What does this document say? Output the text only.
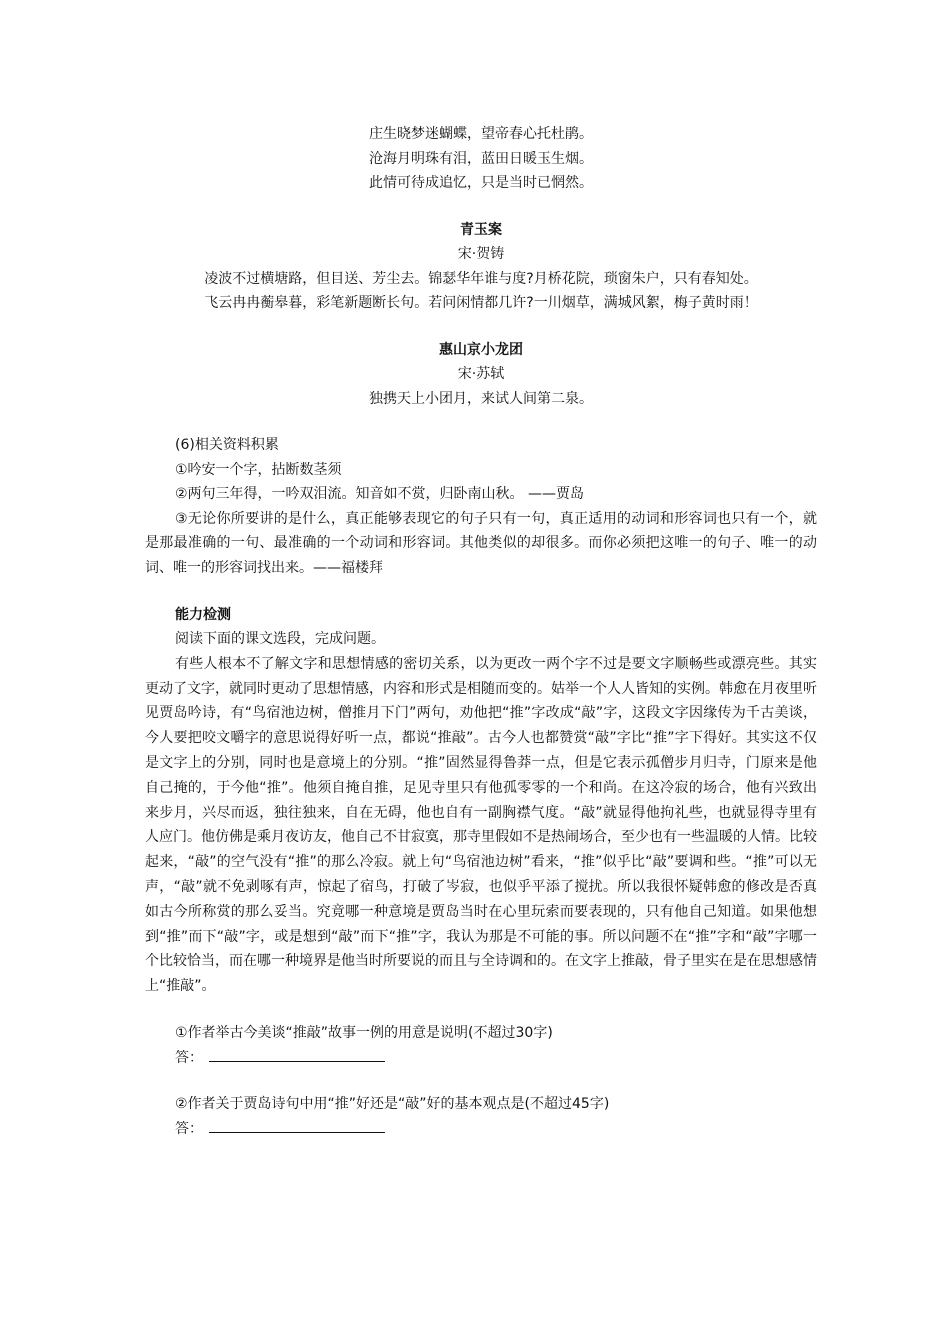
庄生晓梦迷蝴蝶，望帝春心托杜鹃。
沧海月明珠有泪，蓝田日暖玉生烟。
此情可待成追忆，只是当时已惘然。
青玉案
宋·贺铸
凌波不过横塘路，但目送、芳尘去。锦瑟华年谁与度?月桥花院，琐窗朱户，只有春知处。
飞云冉冉蘅皋暮，彩笔新题断长句。若问闲情都几许?一川烟草，满城风絮，梅子黄时雨！
惠山京小龙团
宋·苏轼
独携天上小团月，来试人间第二泉。
(6)相关资料积累
①吟安一个字，拈断数茎须
②两句三年得，一吟双泪流。知音如不赏，归卧南山秋。 ——贾岛
③无论你所要讲的是什么，真正能够表现它的句子只有一句，真正适用的动词和形容词也只有一个，就是那最准确的一句、最准确的一个动词和形容词。其他类似的却很多。而你必须把这唯一的句子、唯一的动词、唯一的形容词找出来。——福楼拜
能力检测
阅读下面的课文选段，完成问题。
有些人根本不了解文字和思想情感的密切关系，以为更改一两个字不过是要文字顺畅些或漂亮些。其实更动了文字，就同时更动了思想情感，内容和形式是相随而变的。姑举一个人人皆知的实例。韩愈在月夜里听见贾岛吟诗，有“鸟宿池边树，僧推月下门”两句，劝他把“推”字改成“敲”字，这段文字因缘传为千古美谈，今人要把咬文嚼字的意思说得好听一点，都说“推敲”。古今人也都赞赏“敲”字比“推”字下得好。其实这不仅是文字上的分别，同时也是意境上的分别。“推”固然显得鲁莽一点，但是它表示孤僧步月归寺，门原来是他自己掩的，于今他“推”。他须自掩自推，足见寺里只有他孤零零的一个和尚。在这冷寂的场合，他有兴致出来步月，兴尽而返，独往独来，自在无碍，他也自有一副胸襟气度。“敲”就显得他拘礼些，也就显得寺里有人应门。他仿佛是乘月夜访友，他自己不甘寂寞，那寺里假如不是热闹场合，至少也有一些温暖的人情。比较起来，“敲”的空气没有“推”的那么冷寂。就上句“鸟宿池边树”看来，“推”似乎比“敲”要调和些。“推”可以无声，“敲”就不免剥啄有声，惊起了宿鸟，打破了岑寂，也似乎平添了搅扰。所以我很怀疑韩愈的修改是否真如古今所称赏的那么妥当。究竟哪一种意境是贾岛当时在心里玩索而要表现的，只有他自己知道。如果他想到“推”而下“敲”字，或是想到“敲”而下“推”字，我认为那是不可能的事。所以问题不在“推”字和“敲”字哪一个比较恰当，而在哪一种境界是他当时所要说的而且与全诗调和的。在文字上推敲，骨子里实在是在思想感情上“推敲”。
①作者举古今美谈“推敲”故事一例的用意是说明(不超过30字)
答：
②作者关于贾岛诗句中用“推”好还是“敲”好的基本观点是(不超过45字)
答：
